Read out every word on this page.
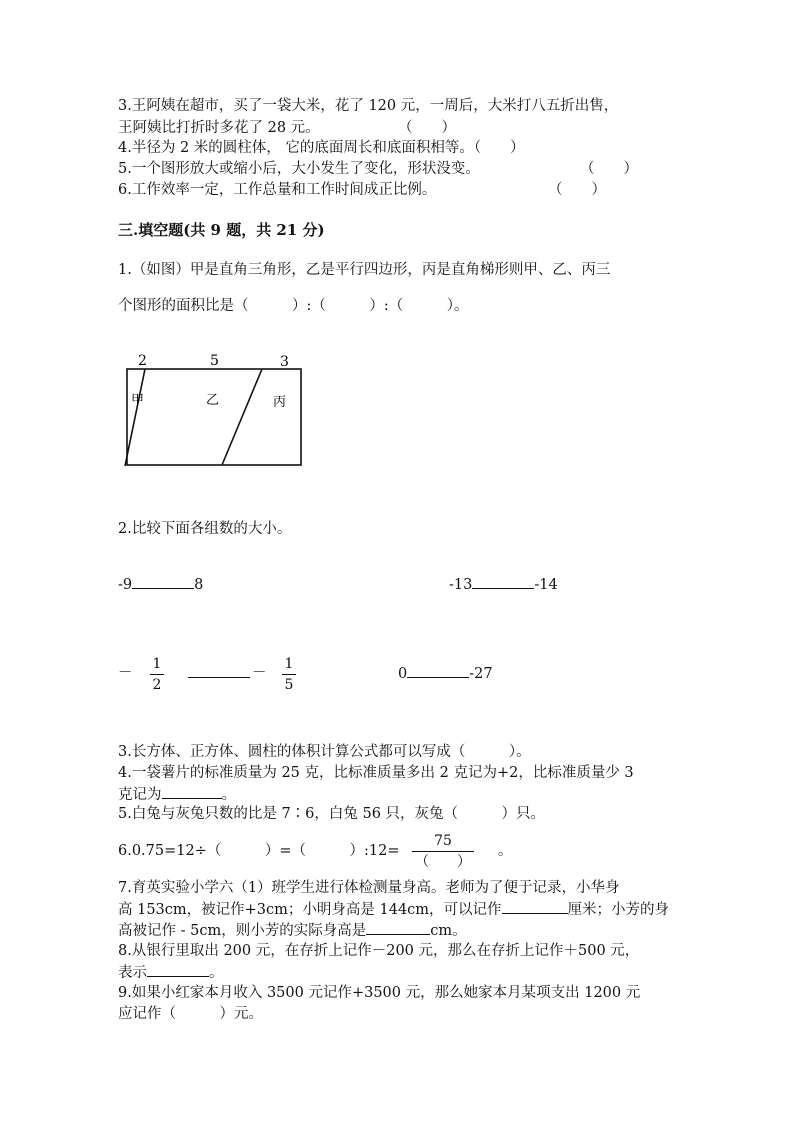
3.王阿姨在超市，买了一袋大米，花了 120 元，一周后，大米打八五折出售，
王阿姨比打折时多花了 28 元。	（　　）
4.半径为 2 米的圆柱体， 它的底面周长和底面积相等。（　　）
5.一个图形放大或缩小后，大小发生了变化，形状没变。	（　　）
6.工作效率一定，工作总量和工作时间成正比例。	（　　）
三.填空题(共 9 题，共 21 分)
1.（如图）甲是直角三角形，乙是平行四边形，丙是直角梯形则甲、乙、丙三
个图形的面积比是（　　　）:（　　　）:（　　　）。
2	5	3
甲	乙	丙
2.比较下面各组数的大小。
-9	8	-13	-14
－
1
2
－
1
5
0	-27
3.长方体、正方体、圆柱的体积计算公式都可以写成（　　　）。
4.一袋薯片的标准质量为 25 克，比标准质量多出 2 克记为+2，比标准质量少 3
克记为	。
5.白兔与灰兔只数的比是 7∶6，白兔 56 只，灰兔（　　　）只。
6.0.75=12÷（　　　）=（　　　）:12=
75
（　　）
。
7.育英实验小学六（1）班学生进行体检测量身高。老师为了便于记录，小华身
高 153cm，被记作+3cm；小明身高是 144cm，可以记作	厘米；小芳的身
高被记作 - 5cm，则小芳的实际身高是	cm。
8.从银行里取出 200 元，在存折上记作－200 元，那么在存折上记作＋500 元，
表示	。
9.如果小红家本月收入 3500 元记作+3500 元，那么她家本月某项支出 1200 元
应记作（　　　）元。
